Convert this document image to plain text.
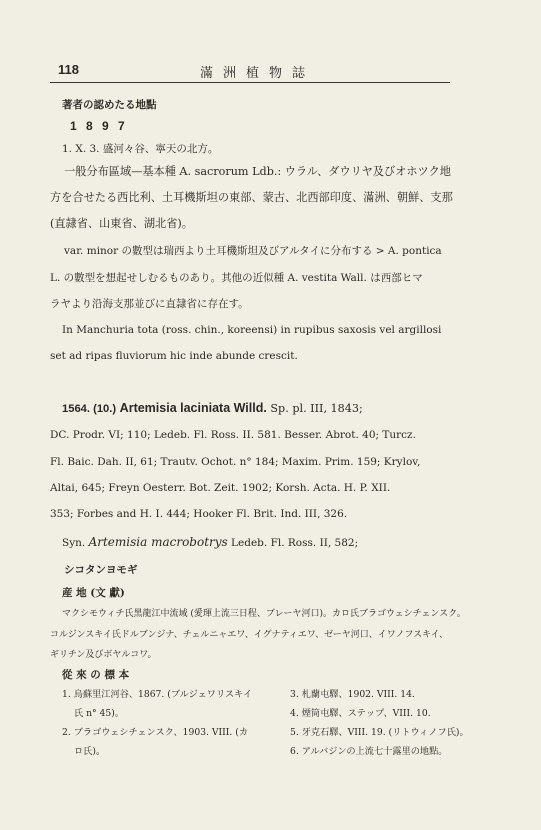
118	滿洲植物誌
著者の認めたる地點
1 8 9 7
1. X. 3. 盛河々谷、寧天の北方。
一般分布區域—基本種 A. sacrorum Ldb.: ウラル、ダウリヤ及びオホツク地
方を合せたる西比利、土耳機斯坦の東部、蒙古、北西部印度、滿洲、朝鮮、支那
(直隷省、山東省、湖北省)。
var. minor の數型は瑞西より土耳機斯坦及びアルタイに分布する > A. pontica
L. の數型を想起せしむるものあり。其他の近似種 A. vestita Wall. は西部ヒマ
ラヤより沿海支那並びに直隷省に存在す。
In Manchuria tota (ross. chin., koreensi) in rupibus saxosis vel argillosi
set ad ripas fluviorum hic inde abunde crescit.
1564. (10.) Artemisia laciniata Willd. Sp. pl. III, 1843;
DC. Prodr. VI; 110; Ledeb. Fl. Ross. II. 581. Besser. Abrot. 40; Turcz.
Fl. Baic. Dah. II, 61; Trautv. Ochot. n° 184; Maxim. Prim. 159; Krylov,
Altai, 645; Freyn Oesterr. Bot. Zeit. 1902; Korsh. Acta. H. P. XII.
353; Forbes and H. I. 444; Hooker Fl. Brit. Ind. III, 326.
Syn. Artemisia macrobotrys Ledeb. Fl. Ross. II, 582;
シコタンヨモギ
産 地 (文 獻)
マクシモウィチ氏黑龍江中流域 (愛琿上流三日程、ブレーヤ河口)。カロ氏ブラゴウェシチェンスク。
コルジンスキイ氏ドルブンジナ、チェルニャエワ、イグナティエワ、ゼーヤ河口、イワノフスキイ、
ギリチン及びボヤルコワ。
從 來 の 標 本
1. 烏蘇里江河谷、1867. (ブルジェワリスキイ
氏 n° 45)。
2. ブラゴウェシチェンスク、1903. VIII. (カ
ロ氏)。
3. 札蘭屯驛、1902. VIII. 14.
4. 煙筒屯驛、ステップ、VIII. 10.
5. 牙克石驛、VIII. 19. (リトウィノフ氏)。
6. アルバジンの上流七十露里の地點。
